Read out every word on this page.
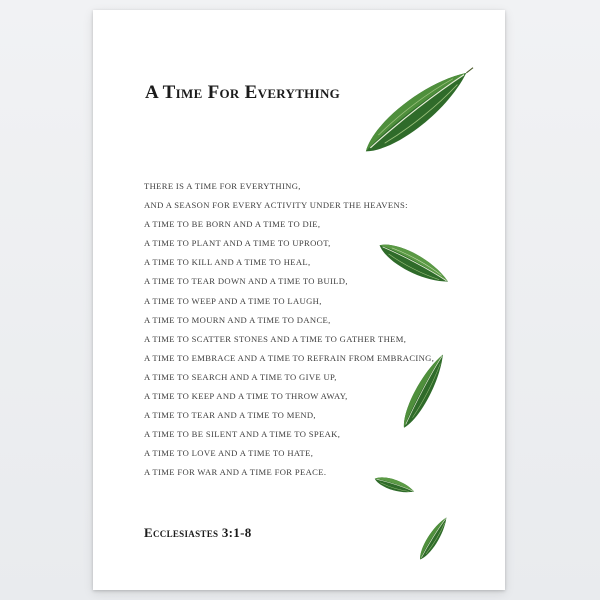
A Time For Everything
THERE IS A TIME FOR EVERYTHING,
AND A SEASON FOR EVERY ACTIVITY UNDER THE HEAVENS:
A TIME TO BE BORN AND A TIME TO DIE,
A TIME TO PLANT AND A TIME TO UPROOT,
A TIME TO KILL AND A TIME TO HEAL,
A TIME TO TEAR DOWN AND A TIME TO BUILD,
A TIME TO WEEP AND A TIME TO LAUGH,
A TIME TO MOURN AND A TIME TO DANCE,
A TIME TO SCATTER STONES AND A TIME TO GATHER THEM,
A TIME TO EMBRACE AND A TIME TO REFRAIN FROM EMBRACING,
A TIME TO SEARCH AND A TIME TO GIVE UP,
A TIME TO KEEP AND A TIME TO THROW AWAY,
A TIME TO TEAR AND A TIME TO MEND,
A TIME TO BE SILENT AND A TIME TO SPEAK,
A TIME TO LOVE AND A TIME TO HATE,
A TIME FOR WAR AND A TIME FOR PEACE.
Ecclesiastes 3:1-8
